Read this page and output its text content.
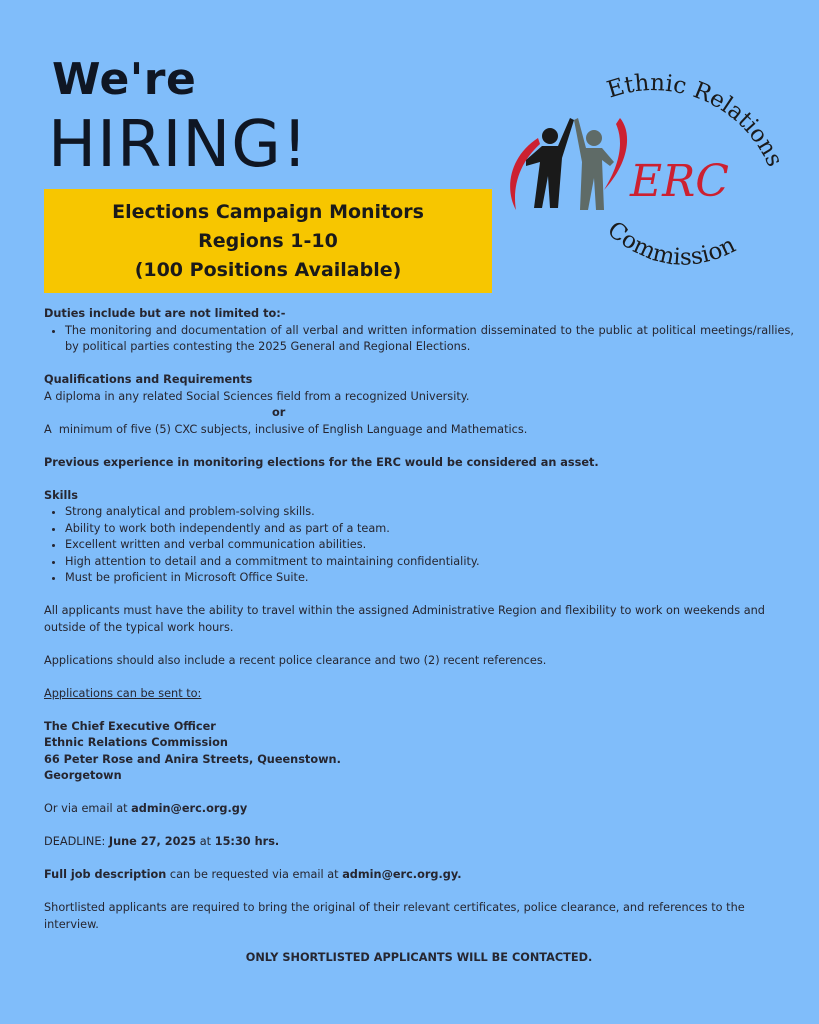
We're
HIRING!
Elections Campaign Monitors
Regions 1-10
(100 Positions Available)
Ethnic Relations
Commission
ERC

Duties include but are not limited to:-

• The monitoring and documentation of all verbal and written information disseminated to the public at political meetings/rallies, by political parties contesting the 2025 General and Regional Elections.

Qualifications and Requirements

A diploma in any related Social Sciences field from a recognized University.

or

A  minimum of five (5) CXC subjects, inclusive of English Language and Mathematics.

Previous experience in monitoring elections for the ERC would be considered an asset.

Skills

• Strong analytical and problem-solving skills.
• Ability to work both independently and as part of a team.
• Excellent written and verbal communication abilities.
• High attention to detail and a commitment to maintaining confidentiality.
• Must be proficient in Microsoft Office Suite.

All applicants must have the ability to travel within the assigned Administrative Region and flexibility to work on weekends and outside of the typical work hours.

Applications should also include a recent police clearance and two (2) recent references.

Applications can be sent to:

The Chief Executive Officer

Ethnic Relations Commission

66 Peter Rose and Anira Streets, Queenstown.

Georgetown

Or via email at admin@erc.org.gy

DEADLINE: June 27, 2025 at 15:30 hrs.

Full job description can be requested via email at admin@erc.org.gy.

Shortlisted applicants are required to bring the original of their relevant certificates, police clearance, and references to the interview.

ONLY SHORTLISTED APPLICANTS WILL BE CONTACTED.
